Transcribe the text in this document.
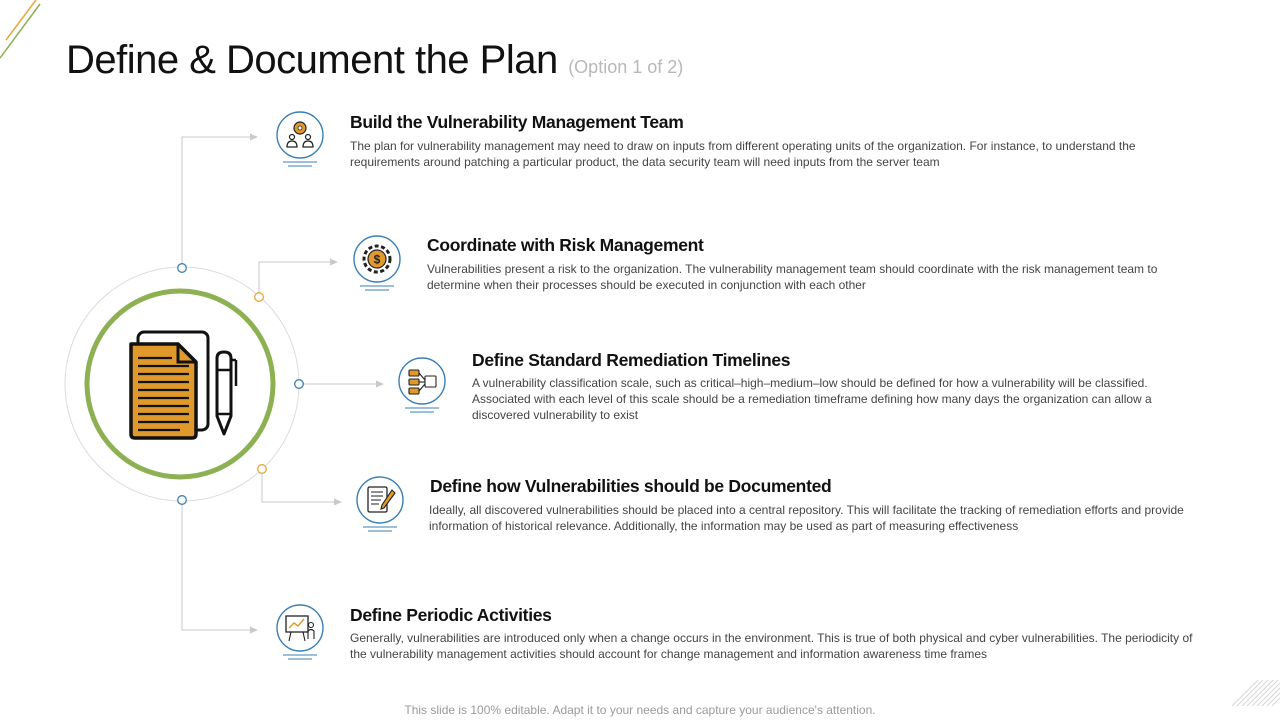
Define & Document the Plan (Option 1 of 2)
Build the Vulnerability Management Team
The plan for vulnerability management may need to draw on inputs from different operating units of the organization. For instance, to understand the requirements around patching a particular product, the data security team will need inputs from the server team
$
Coordinate with Risk Management
Vulnerabilities present a risk to the organization. The vulnerability management team should coordinate with the risk management team to determine when their processes should be executed in conjunction with each other
Define Standard Remediation Timelines
A vulnerability classification scale, such as critical–high–medium–low should be defined for how a vulnerability will be classified. Associated with each level of this scale should be a remediation timeframe defining how many days the organization can allow a discovered vulnerability to exist
Define how Vulnerabilities should be Documented
Ideally, all discovered vulnerabilities should be placed into a central repository. This will facilitate the tracking of remediation efforts and provide information of historical relevance. Additionally, the information may be used as part of measuring effectiveness
Define Periodic Activities
Generally, vulnerabilities are introduced only when a change occurs in the environment. This is true of both physical and cyber vulnerabilities. The periodicity of the vulnerability management activities should account for change management and information awareness time frames
This slide is 100% editable. Adapt it to your needs and capture your audience's attention.
